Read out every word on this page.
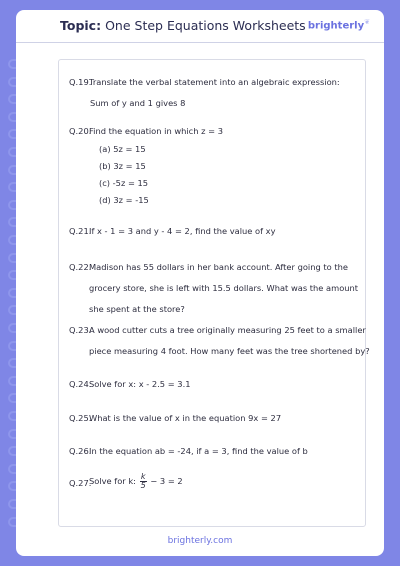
Topic: One Step Equations Worksheets brighterly❦
Q.19.
Translate the verbal statement into an algebraic expression:
Sum of y and 1 gives 8
Q.20.
Find the equation in which z = 3
(a) 5z = 15
(b) 3z = 15
(c) -5z = 15
(d) 3z = -15
Q.21.
If x - 1 = 3 and y - 4 = 2, find the value of xy
Q.22.
Madison has 55 dollars in her bank account. After going to the
grocery store, she is left with 15.5 dollars. What was the amount
she spent at the store?
Q.23.
A wood cutter cuts a tree originally measuring 25 feet to a smaller
piece measuring 4 foot. How many feet was the tree shortened by?
Q.24.
Solve for x: x - 2.5 = 3.1
Q.25.
What is the value of x in the equation 9x = 27
Q.26.
In the equation ab = -24, if a = 3, find the value of b
Q.27.
Solve for k: $\frac{k}{5} - 3 = 2$
brighterly.com
